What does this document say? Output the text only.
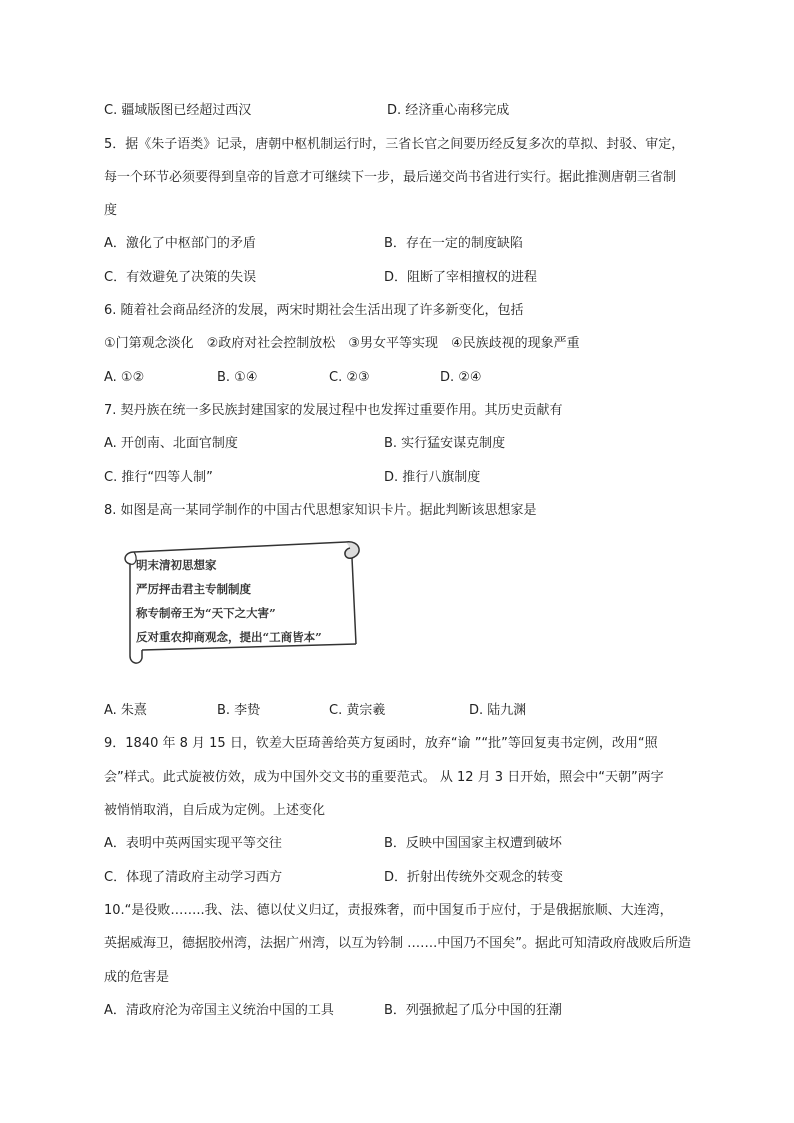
C. 疆域版图已经超过西汉	D. 经济重心南移完成
5．据《朱子语类》记录，唐朝中枢机制运行时，三省长官之间要历经反复多次的草拟、封驳、审定，
每一个环节必须要得到皇帝的旨意才可继续下一步，最后递交尚书省进行实行。据此推测唐朝三省制
度
A．激化了中枢部门的矛盾	B．存在一定的制度缺陷
C．有效避免了决策的失误	D．阻断了宰相擅权的进程
6. 随着社会商品经济的发展，两宋时期社会生活出现了许多新变化，包括
①门第观念淡化　②政府对社会控制放松　③男女平等实现　④民族歧视的现象严重
A. ①②	B. ①④	C. ②③	D. ②④
7. 契丹族在统一多民族封建国家的发展过程中也发挥过重要作用。其历史贡献有
A. 开创南、北面官制度	B. 实行猛安谋克制度
C. 推行“四等人制”	D. 推行八旗制度
8. 如图是高一某同学制作的中国古代思想家知识卡片。据此判断该思想家是
明末清初思想家
严厉抨击君主专制制度
称专制帝王为“天下之大害”
反对重农抑商观念，提出“工商皆本”
A. 朱熹	B. 李贽	C. 黄宗羲	D. 陆九渊
9．1840 年 8 月 15 日，钦差大臣琦善给英方复函时，放弃“谕 ”“批”等回复夷书定例，改用“照
会”样式。此式旋被仿效，成为中国外交文书的重要范式。 从 12 月 3 日开始，照会中“天朝”两字
被悄悄取消，自后成为定例。上述变化
A．表明中英两国实现平等交往	B．反映中国国家主权遭到破坏
C．体现了清政府主动学习西方	D．折射出传统外交观念的转变
10.“是役败……..我、法、德以仗义归辽，责报殊奢，而中国复币于应付，于是俄据旅顺、大连湾，
英据威海卫，德据胶州湾，法据广州湾，以互为钤制 …….中国乃不国矣”。据此可知清政府战败后所造
成的危害是
A．清政府沦为帝国主义统治中国的工具	B．列强掀起了瓜分中国的狂潮
